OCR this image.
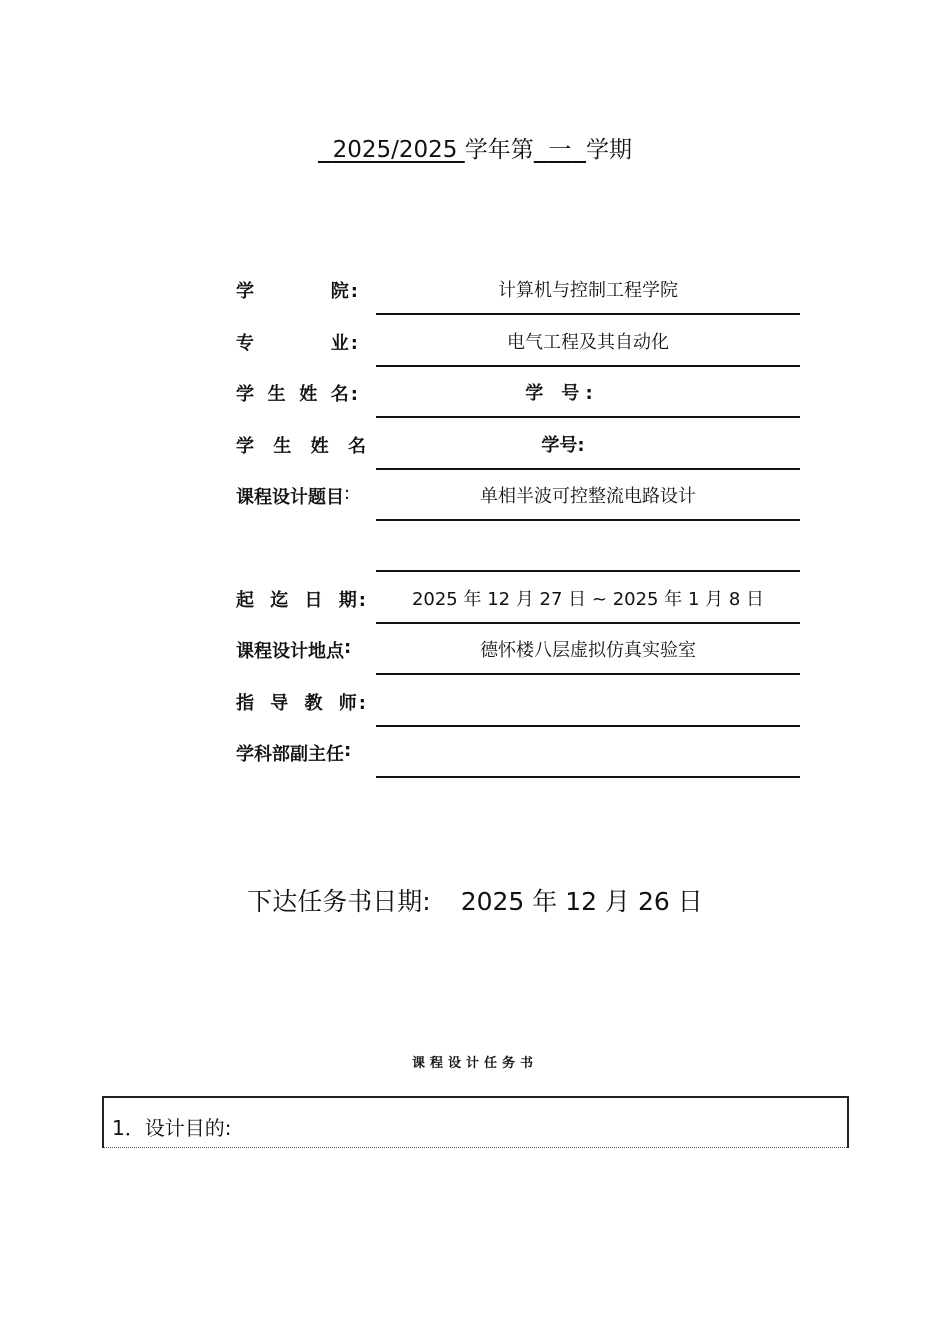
2025/2025 学年第 一 学期
学	院 :	计算机与控制工程学院
专	业 :	电气工程及其自动化
学 生 姓 名 :	学　号 :
学 生 姓 名	学号:
课程设计题目 :	单相半波可控整流电路设计
起 迄 日 期 :	2025 年 12 月 27 日 ~ 2025 年 1 月 8 日
课程设计地点 :	德怀楼八层虚拟仿真实验室
指 导 教 师 :
学科部副主任 :
下达任务书日期: 2025 年 12 月 26 日
课程设计任务书
1．设计目的:
